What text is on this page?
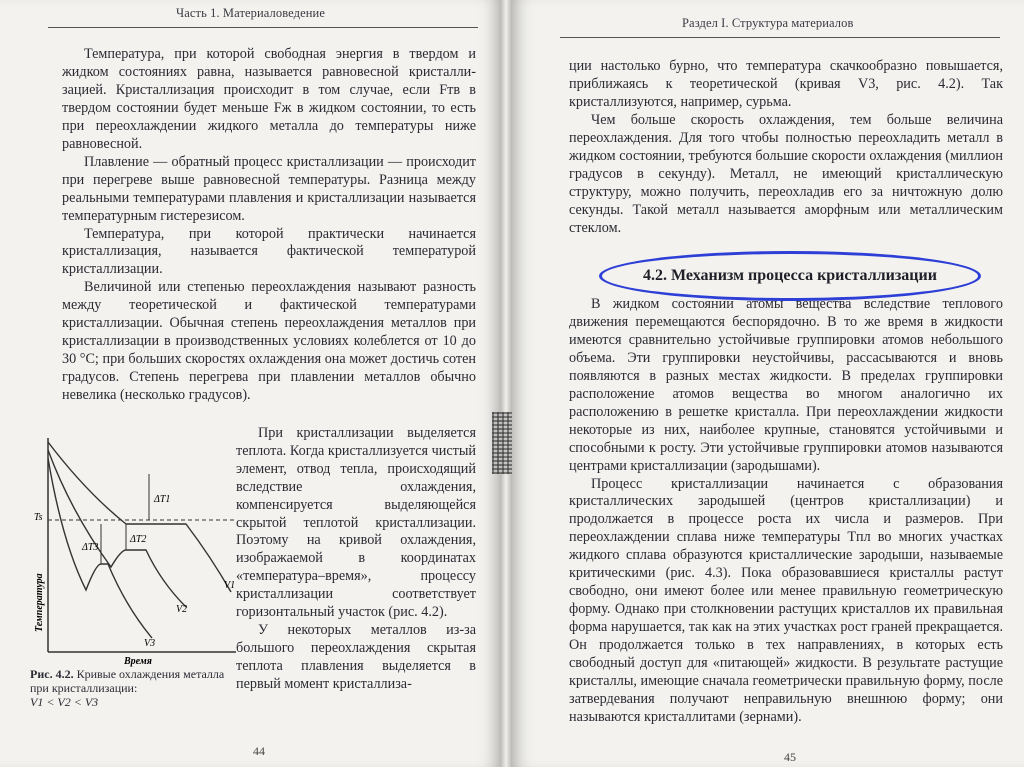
Часть 1. Материаловедение

Температура, при которой свободная энергия в твердом и жидком состояниях равна, называется равновесной кристалли-зацией. Кристаллизация происходит в том случае, если Fтв в твердом состоянии будет меньше Fж в жидком состоянии, то есть при переохлаждении жидкого металла до температуры ниже равновесной.

Плавление — обратный процесс кристаллизации — происходит при перегреве выше равновесной температуры. Разница между реальными температурами плавления и кристаллизации называется температурным гистерезисом.

Температура, при которой практически начинается кристаллизация, называется фактической температурой кристаллизации.

Величиной или степенью переохлаждения называют разность между теоретической и фактической температурами кристаллизации. Обычная степень переохлаждения металлов при кристаллизации в производственных условиях колеблется от 10 до 30 °С; при больших скоростях охлаждения она может достичь сотен градусов. Степень перегрева при плавлении металлов обычно невелика (несколько градусов).

Ts
ΔT1
ΔT2
ΔT3
V1
V2
V3
Температура
Время
Рис. 4.2. Кривые охлаждения металла при кристаллизации:
V1 < V2 < V3

При кристаллизации выделяется теплота. Когда кристаллизуется чистый элемент, отвод тепла, происходящий вследствие охлаждения, компенсируется выделяющейся скрытой теплотой кристаллизации. Поэтому на кривой охлаждения, изображаемой в координатах «температура–время», процессу кристаллизации соответствует горизонтальный участок (рис. 4.2).

У некоторых металлов из-за большого переохлаждения скрытая теплота плавления выделяется в первый момент кристаллиза-

44
Раздел I. Структура материалов

ции настолько бурно, что температура скачкообразно повышается, приближаясь к теоретической (кривая V3, рис. 4.2). Так кристаллизуются, например, сурьма.

Чем больше скорость охлаждения, тем больше величина переохлаждения. Для того чтобы полностью переохладить металл в жидком состоянии, требуются большие скорости охлаждения (миллион градусов в секунду). Металл, не имеющий кристаллическую структуру, можно получить, переохладив его за ничтожную долю секунды. Такой металл называется аморфным или металлическим стеклом.

4.2. Механизм процесса кристаллизации

В жидком состоянии атомы вещества вследствие теплового движения перемещаются беспорядочно. В то же время в жидкости имеются сравнительно устойчивые группировки атомов небольшого объема. Эти группировки неустойчивы, рассасываются и вновь появляются в разных местах жидкости. В пределах группировки расположение атомов вещества во многом аналогично их расположению в решетке кристалла. При переохлаждении жидкости некоторые из них, наиболее крупные, становятся устойчивыми и способными к росту. Эти устойчивые группировки атомов называются центрами кристаллизации (зародышами).

Процесс кристаллизации начинается с образования кристаллических зародышей (центров кристаллизации) и продолжается в процессе роста их числа и размеров. При переохлаждении сплава ниже температуры Tпл во многих участках жидкого сплава образуются кристаллические зародыши, называемые критическими (рис. 4.3). Пока образовавшиеся кристаллы растут свободно, они имеют более или менее правильную геометрическую форму. Однако при столкновении растущих кристаллов их правильная форма нарушается, так как на этих участках рост граней прекращается. Он продолжается только в тех направлениях, в которых есть свободный доступ для «питающей» жидкости. В результате растущие кристаллы, имеющие сначала геометрически правильную форму, после затвердевания получают неправильную внешнюю форму; они называются кристаллитами (зернами).

45
